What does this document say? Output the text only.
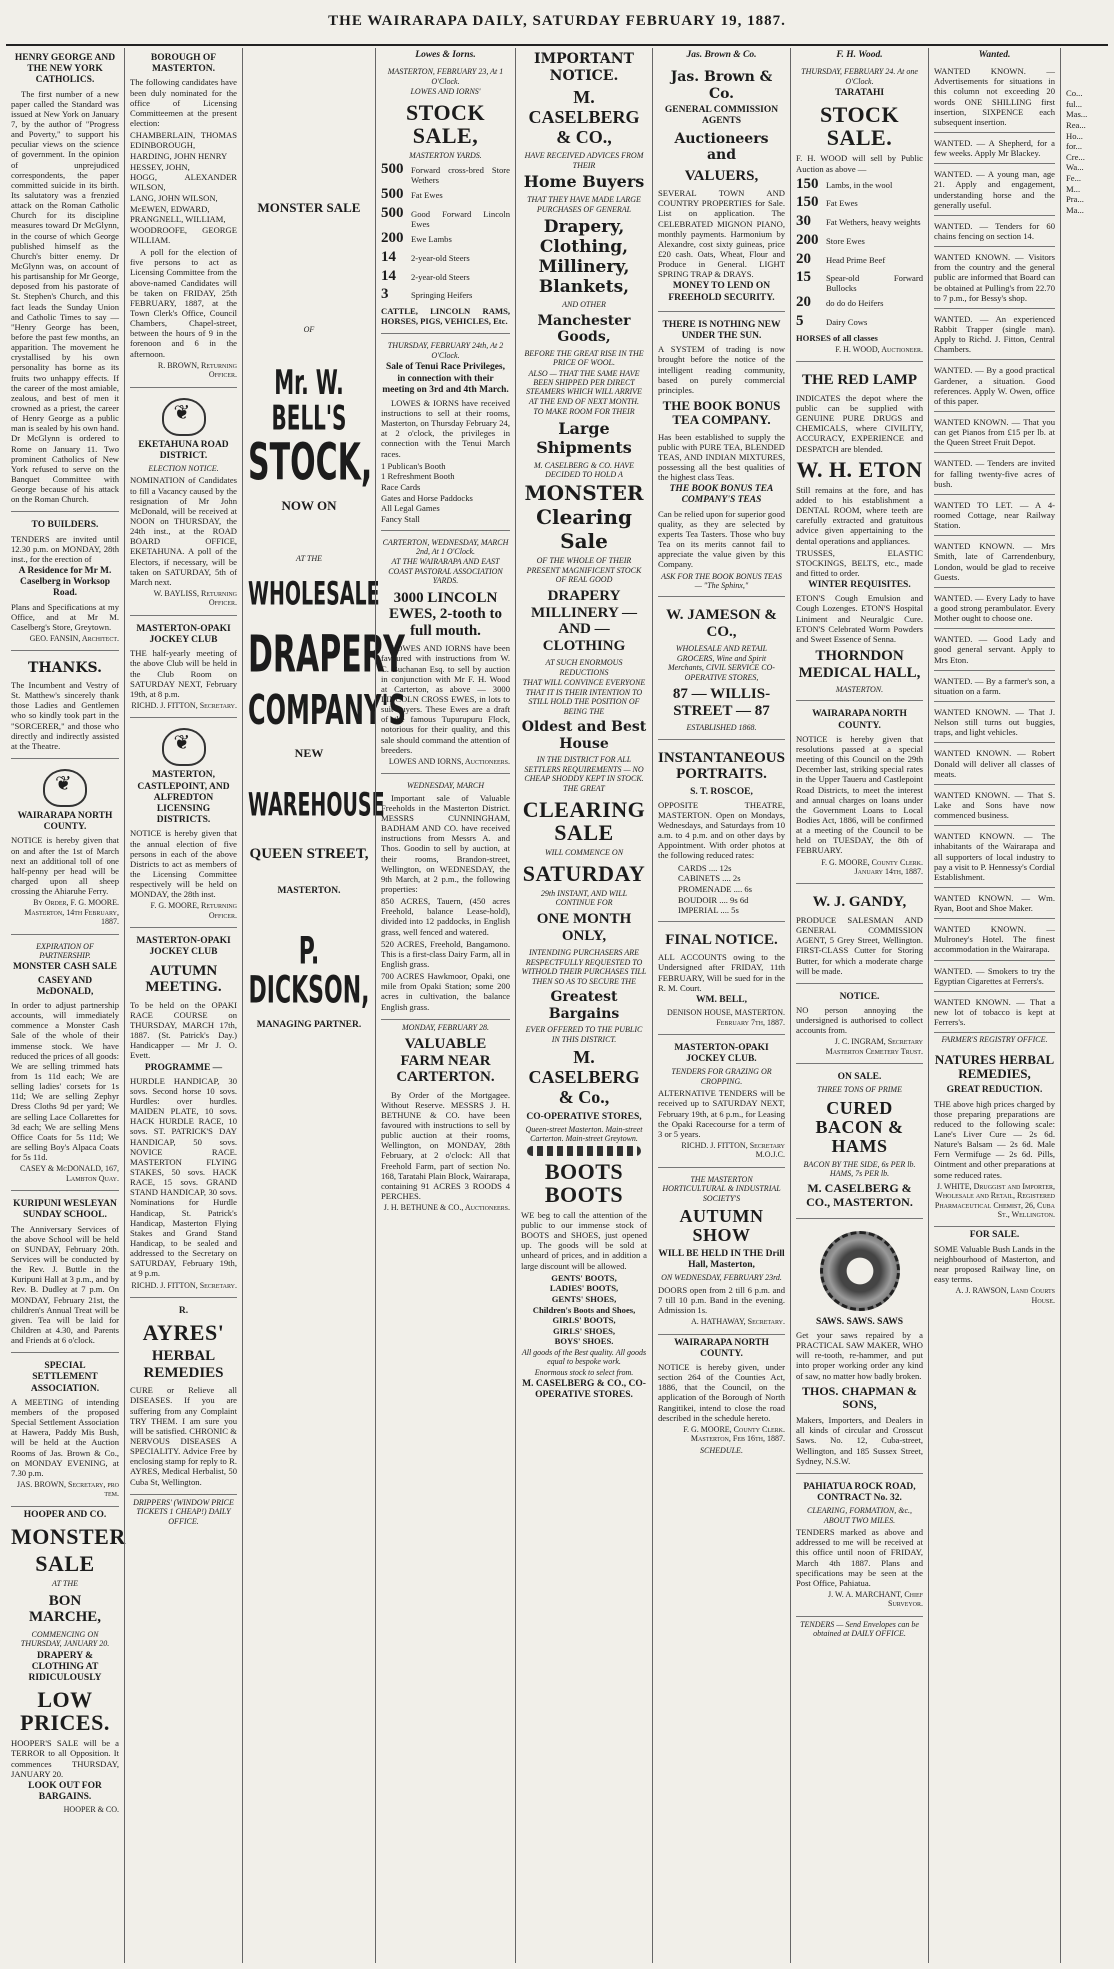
THE WAIRARAPA DAILY, SATURDAY FEBRUARY 19, 1887.
HENRY GEORGE AND THE NEW YORK CATHOLICS.
The first number of a new paper called the Standard was issued at New York on January 7, by the author of "Progress and Poverty," to support his peculiar views on the science of government. In the opinion of unprejudiced correspondents, the paper committed suicide in its birth. Its salutatory was a frenzied attack on the Roman Catholic Church for its discipline measures toward Dr McGlynn, in the course of which George published himself as the Church's bitter enemy. Dr McGlynn was, on account of his partisanship for Mr George, deposed from his pastorate of St. Stephen's Church, and this fact leads the Sunday Union and Catholic Times to say — "Henry George has been, before the past few months, an apparition. The movement he crystallised by his own personality has borne as its fruits two unhappy effects. If the career of the most amiable, zealous, and best of men it crowned as a priest, the career of Henry George as a public man is sealed by his own hand. Dr McGlynn is ordered to Rome on January 11. Two prominent Catholics of New York refused to serve on the Banquet Committee with George because of his attack on the Roman Church.
TO BUILDERS.
TENDERS are invited until 12.30 p.m. on MONDAY, 28th inst., for the erection of
A Residence for Mr M. Caselberg in Worksop Road.
Plans and Specifications at my Office, and at Mr M. Caselberg's Store, Greytown.
GEO. FANSIN, Architect.
THANKS.
The Incumbent and Vestry of St. Matthew's sincerely thank those Ladies and Gentlemen who so kindly took part in the "SORCERER," and those who directly and indirectly assisted at the Theatre.
❦
WAIRARAPA NORTH COUNTY.
NOTICE is hereby given that on and after the 1st of March next an additional toll of one half-penny per head will be charged upon all sheep crossing the Ahiaruhe Ferry.
By Order, F. G. MOORE. Masterton, 14th February, 1887.
EXPIRATION OF PARTNERSHIP.
MONSTER CASH SALE
CASEY AND McDONALD,
In order to adjust partnership accounts, will immediately commence a Monster Cash Sale of the whole of their immense stock. We have reduced the prices of all goods: We are selling trimmed hats from 1s 11d each; We are selling ladies' corsets for 1s 11d; We are selling Zephyr Dress Cloths 9d per yard; We are selling Lace Collarettes for 3d each; We are selling Mens Office Coats for 5s 11d; We are selling Boy's Alpaca Coats for 5s 11d.
CASEY & McDONALD, 167, Lambton Quay.
KURIPUNI WESLEYAN SUNDAY SCHOOL.
The Anniversary Services of the above School will be held on SUNDAY, February 20th. Services will be conducted by the Rev. J. Buttle in the Kuripuni Hall at 3 p.m., and by Rev. B. Dudley at 7 p.m. On MONDAY, February 21st, the children's Annual Treat will be given. Tea will be laid for Children at 4.30, and Parents and Friends at 6 o'clock.
SPECIAL SETTLEMENT ASSOCIATION.
A MEETING of intending members of the proposed Special Settlement Association at Hawera, Paddy Mis Bush, will be held at the Auction Rooms of Jas. Brown & Co., on MONDAY EVENING, at 7.30 p.m.
JAS. BROWN, Secretary, pro tem.
HOOPER AND CO.
MONSTER
SALE
AT THE
BON MARCHE,
COMMENCING ON THURSDAY, JANUARY 20.
DRAPERY & CLOTHING AT RIDICULOUSLY
LOW PRICES.
HOOPER'S SALE will be a TERROR to all Opposition. It commences THURSDAY, JANUARY 20.
LOOK OUT FOR BARGAINS.
HOOPER & CO.
BOROUGH OF MASTERTON.
The following candidates have been duly nominated for the office of Licensing Committeemen at the present election:
CHAMBERLAIN, THOMAS EDINBOROUGH,
HARDING, JOHN HENRY
HESSEY, JOHN,
HOGG, ALEXANDER WILSON,
LANG, JOHN WILSON,
McEWEN, EDWARD,
PRANGNELL, WILLIAM,
WOODROOFE, GEORGE WILLIAM.
A poll for the election of five persons to act as Licensing Committee from the above-named Candidates will be taken on FRIDAY, 25th FEBRUARY, 1887, at the Town Clerk's Office, Council Chambers, Chapel-street, between the hours of 9 in the forenoon and 6 in the afternoon.
R. BROWN, Returning Officer.
❦
EKETAHUNA ROAD DISTRICT.
ELECTION NOTICE.
NOMINATION of Candidates to fill a Vacancy caused by the resignation of Mr John McDonald, will be received at NOON on THURSDAY, the 24th inst., at the ROAD BOARD OFFICE, EKETAHUNA. A poll of the Electors, if necessary, will be taken on SATURDAY, 5th of March next.
W. BAYLISS, Returning Officer.
MASTERTON-OPAKI JOCKEY CLUB
THE half-yearly meeting of the above Club will be held in the Club Room on SATURDAY NEXT, February 19th, at 8 p.m.
RICHD. J. FITTON, Secretary.
❦
MASTERTON, CASTLEPOINT, AND ALFREDTON LICENSING DISTRICTS.
NOTICE is hereby given that the annual election of five persons in each of the above Districts to act as members of the Licensing Committee respectively will be held on MONDAY, the 28th inst.
F. G. MOORE, Returning Officer.
MASTERTON-OPAKI JOCKEY CLUB
AUTUMN MEETING.
To be held on the OPAKI RACE COURSE on THURSDAY, MARCH 17th, 1887. (St. Patrick's Day.) Handicapper — Mr J. O. Evett.
PROGRAMME —
HURDLE HANDICAP, 30 sovs. Second horse 10 sovs. Hurdles: over hurdles. MAIDEN PLATE, 10 sovs. HACK HURDLE RACE, 10 sovs. ST. PATRICK'S DAY HANDICAP, 50 sovs. NOVICE RACE. MASTERTON FLYING STAKES, 50 sovs. HACK RACE, 15 sovs. GRAND STAND HANDICAP, 30 sovs. Nominations for Hurdle Handicap, St. Patrick's Handicap, Masterton Flying Stakes and Grand Stand Handicap, to be sealed and addressed to the Secretary on SATURDAY, February 19th, at 9 p.m.
RICHD. J. FITTON, Secretary.
R.
AYRES'
HERBAL REMEDIES
CURE or Relieve all DISEASES. If you are suffering from any Complaint TRY THEM. I am sure you will be satisfied. CHRONIC & NERVOUS DISEASES A SPECIALITY. Advice Free by enclosing stamp for reply to R. AYRES, Medical Herbalist, 50 Cuba St, Wellington.
DRIPPERS' (WINDOW PRICE TICKETS 1 CHEAP!) DAILY OFFICE.
MONSTER SALE
OF
Mr. W. BELL'S
STOCK,
NOW ON
AT THE
WHOLESALE
DRAPERY
COMPANY'S
NEW
WAREHOUSE
QUEEN STREET,
MASTERTON.
P. DICKSON,
MANAGING PARTNER.
Lowes & Iorns.
MASTERTON, FEBRUARY 23, At 1 O'Clock.
LOWES AND IORNS'
STOCK SALE,
MASTERTON YARDS.
500 Forward cross-bred Store Wethers
500 Fat Ewes
500 Good Forward Lincoln Ewes
200 Ewe Lambs
14	2-year-old Steers
14	2-year-old Steers
3	Springing Heifers
CATTLE, LINCOLN RAMS, HORSES, PIGS, VEHICLES, Etc.
THURSDAY, FEBRUARY 24th, At 2 O'Clock.
Sale of Tenui Race Privileges, in connection with their meeting on 3rd and 4th March.
LOWES & IORNS have received instructions to sell at their rooms, Masterton, on Thursday February 24, at 2 o'clock, the privileges in connection with the Tenui March races.
1 Publican's Booth
1 Refreshment Booth
Race Cards
Gates and Horse Paddocks
All Legal Games
Fancy Stall
CARTERTON, WEDNESDAY, MARCH 2nd, At 1 O'Clock.
AT THE WAIRARAPA AND EAST COAST PASTORAL ASSOCIATION YARDS.
3000 LINCOLN EWES, 2-tooth to full mouth.
LOWES AND IORNS have been favoured with instructions from W. C. Buchanan Esq. to sell by auction in conjunction with Mr F. H. Wood at Carterton, as above — 3000 LINCOLN CROSS EWES, in lots to suit buyers. These Ewes are a draft of the famous Tupurupuru Flock, notorious for their quality, and this sale should command the attention of breeders.
LOWES AND IORNS, Auctioneers.
WEDNESDAY, MARCH
Important sale of Valuable Freeholds in the Masterton District. MESSRS CUNNINGHAM, BADHAM AND CO. have received instructions from Messrs A. and Thos. Goodin to sell by auction, at their rooms, Brandon-street, Wellington, on WEDNESDAY, the 9th March, at 2 p.m., the following properties:
850 ACRES, Tauern, (450 acres Freehold, balance Lease-hold), divided into 12 paddocks, in English grass, well fenced and watered.
520 ACRES, Freehold, Bangamono. This is a first-class Dairy Farm, all in English grass.
700 ACRES Hawkmoor, Opaki, one mile from Opaki Station; some 200 acres in cultivation, the balance English grass.
MONDAY, FEBRUARY 28.
VALUABLE FARM NEAR CARTERTON.
By Order of the Mortgagee. Without Reserve. MESSRS J. H. BETHUNE & CO. have been favoured with instructions to sell by public auction at their rooms, Wellington, on MONDAY, 28th February, at 2 o'clock: All that Freehold Farm, part of section No. 168, Taratahi Plain Block, Wairarapa, containing 91 ACRES 3 ROODS 4 PERCHES.
J. H. BETHUNE & CO., Auctioneers.
IMPORTANT NOTICE.
M. CASELBERG & CO.,
HAVE RECEIVED ADVICES FROM THEIR
Home Buyers
THAT THEY HAVE MADE LARGE PURCHASES OF GENERAL
Drapery, Clothing, Millinery, Blankets,
AND OTHER
Manchester Goods,
BEFORE THE GREAT RISE IN THE PRICE OF WOOL.
ALSO — THAT THE SAME HAVE BEEN SHIPPED PER DIRECT STEAMERS WHICH WILL ARRIVE AT THE END OF NEXT MONTH.
TO MAKE ROOM FOR THEIR
Large Shipments
M. CASELBERG & CO. HAVE DECIDED TO HOLD A
MONSTER Clearing Sale
OF THE WHOLE OF THEIR PRESENT MAGNIFICENT STOCK OF REAL GOOD
DRAPERY MILLINERY — AND — CLOTHING
AT SUCH ENORMOUS REDUCTIONS
THAT WILL CONVINCE EVERYONE THAT IT IS THEIR INTENTION TO STILL HOLD THE POSITION OF BEING THE
Oldest and Best House
IN THE DISTRICT FOR ALL SETTLERS REQUIREMENTS — NO CHEAP SHODDY KEPT IN STOCK.
THE GREAT
CLEARING SALE
WILL COMMENCE ON
SATURDAY
29th INSTANT, AND WILL CONTINUE FOR
ONE MONTH ONLY,
INTENDING PURCHASERS ARE RESPECTFULLY REQUESTED TO WITHOLD THEIR PURCHASES TILL THEN SO AS TO SECURE THE
Greatest Bargains
EVER OFFERED TO THE PUBLIC IN THIS DISTRICT.
M. CASELBERG & Co.,
CO-OPERATIVE STORES,
Queen-street Masterton. Main-street Carterton. Main-street Greytown.
BOOTS BOOTS
WE beg to call the attention of the public to our immense stock of BOOTS and SHOES, just opened up. The goods will be sold at unheard of prices, and in addition a large discount will be allowed.
GENTS' BOOTS,
LADIES' BOOTS,
GENTS' SHOES,
Children's Boots and Shoes,
GIRLS' BOOTS,
GIRLS' SHOES,
BOYS' SHOES.
All goods of the Best quality. All goods equal to bespoke work.
Enormous stock to select from.
M. CASELBERG & CO., CO-OPERATIVE STORES.
Jas. Brown & Co.
Jas. Brown & Co.
GENERAL COMMISSION AGENTS
Auctioneers and
VALUERS,
SEVERAL TOWN AND COUNTRY PROPERTIES for Sale. List on application. The CELEBRATED MIGNON PIANO, monthly payments. Harmonium by Alexandre, cost sixty guineas, price £20 cash. Oats, Wheat, Flour and Produce in General. LIGHT SPRING TRAP & DRAYS.
MONEY TO LEND ON FREEHOLD SECURITY.
THERE IS NOTHING NEW UNDER THE SUN.
A SYSTEM of trading is now brought before the notice of the intelligent reading community, based on purely commercial principles.
THE BOOK BONUS TEA COMPANY.
Has been established to supply the public with PURE TEA, BLENDED TEAS, AND INDIAN MIXTURES, possessing all the best qualities of the highest class Teas.
THE BOOK BONUS TEA COMPANY'S TEAS
Can be relied upon for superior good quality, as they are selected by experts Tea Tasters. Those who buy Tea on its merits cannot fail to appreciate the value given by this Company.
ASK FOR THE BOOK BONUS TEAS — "The Sphinx,"
W. JAMESON & CO.,
WHOLESALE AND RETAIL GROCERS, Wine and Spirit Merchants, CIVIL SERVICE CO-OPERATIVE STORES,
87 — WILLIS-STREET — 87
ESTABLISHED 1868.
INSTANTANEOUS PORTRAITS.
S. T. ROSCOE,
OPPOSITE THEATRE, MASTERTON. Open on Mondays, Wednesdays, and Saturdays from 10 a.m. to 4 p.m. and on other days by Appointment. With order photos at the following reduced rates:
CARDS .... 12s
CABINETS .... 2s
PROMENADE .... 6s
BOUDOIR .... 9s 6d
IMPERIAL .... 5s
FINAL NOTICE.
ALL ACCOUNTS owing to the Undersigned after FRIDAY, 11th FEBRUARY, Will be sued for in the R. M. Court.
WM. BELL,
DENISON HOUSE, MASTERTON. February 7th, 1887.
MASTERTON-OPAKI JOCKEY CLUB.
TENDERS FOR GRAZING OR CROPPING.
ALTERNATIVE TENDERS will be received up to SATURDAY NEXT, February 19th, at 6 p.m., for Leasing the Opaki Racecourse for a term of 3 or 5 years.
RICHD. J. FITTON, Secretary M.O.J.C.
THE MASTERTON HORTICULTURAL & INDUSTRIAL SOCIETY'S
AUTUMN SHOW
WILL BE HELD IN THE Drill Hall, Masterton,
ON WEDNESDAY, FEBRUARY 23rd.
DOORS open from 2 till 6 p.m. and 7 till 10 p.m. Band in the evening. Admission 1s.
A. HATHAWAY, Secretary.
WAIRARAPA NORTH COUNTY.
NOTICE is hereby given, under section 264 of the Counties Act, 1886, that the Council, on the application of the Borough of North Rangitikei, intend to close the road described in the schedule hereto.
F. G. MOORE, County Clerk. Masterton, Feb 16th, 1887.
SCHEDULE.
F. H. Wood.
THURSDAY, FEBRUARY 24. At one O'Clock.
TARATAHI
STOCK SALE.
F. H. WOOD will sell by Public Auction as above —
150 Lambs, in the wool
150 Fat Ewes
30	Fat Wethers, heavy weights
200 Store Ewes
20	Head Prime Beef
15	Spear-old Forward Bullocks
20	do do do Heifers
5	Dairy Cows
HORSES of all classes
F. H. WOOD, Auctioneer.
THE RED LAMP
INDICATES the depot where the public can be supplied with GENUINE PURE DRUGS and CHEMICALS, where CIVILITY, ACCURACY, EXPERIENCE and DESPATCH are blended.
W. H. ETON
Still remains at the fore, and has added to his establishment a DENTAL ROOM, where teeth are carefully extracted and gratuitous advice given appertaining to the dental operations and appliances.
TRUSSES, ELASTIC STOCKINGS, BELTS, etc., made and fitted to order.
WINTER REQUISITES.
ETON'S Cough Emulsion and Cough Lozenges. ETON'S Hospital Liniment and Neuralgic Cure. ETON'S Celebrated Worm Powders and Sweet Essence of Senna.
THORNDON MEDICAL HALL,
MASTERTON.
WAIRARAPA NORTH COUNTY.
NOTICE is hereby given that resolutions passed at a special meeting of this Council on the 29th December last, striking special rates in the Upper Taueru and Castlepoint Road Districts, to meet the interest and annual charges on loans under the Government Loans to Local Bodies Act, 1886, will be confirmed at a meeting of the Council to be held on TUESDAY, the 8th of FEBRUARY.
F. G. MOORE, County Clerk. January 14th, 1887.
W. J. GANDY,
PRODUCE SALESMAN AND GENERAL COMMISSION AGENT, 5 Grey Street, Wellington. FIRST-CLASS Cutter for Storing Butter, for which a moderate charge will be made.
NOTICE.
NO person annoying the undersigned is authorised to collect accounts from.
J. C. INGRAM, Secretary Masterton Cemetery Trust.
ON SALE.
THREE TONS OF PRIME
CURED BACON & HAMS
BACON BY THE SIDE, 6s PER lb. HAMS, 7s PER lb.
M. CASELBERG & CO., MASTERTON.
SAWS. SAWS. SAWS
Get your saws repaired by a PRACTICAL SAW MAKER, WHO will re-tooth, re-hammer, and put into proper working order any kind of saw, no matter how badly broken.
THOS. CHAPMAN & SONS,
Makers, Importers, and Dealers in all kinds of circular and Crosscut Saws. No. 12, Cuba-street, Wellington, and 185 Sussex Street, Sydney, N.S.W.
PAHIATUA ROCK ROAD, CONTRACT No. 32.
CLEARING, FORMATION, &c., ABOUT TWO MILES.
TENDERS marked as above and addressed to me will be received at this office until noon of FRIDAY, March 4th 1887. Plans and specifications may be seen at the Post Office, Pahiatua.
J. W. A. MARCHANT, Chief Surveyor.
TENDERS — Send Envelopes can be obtained at DAILY OFFICE.
Wanted.
WANTED KNOWN. — Advertisements for situations in this column not exceeding 20 words ONE SHILLING first insertion, SIXPENCE each subsequent insertion.
WANTED. — A Shepherd, for a few weeks. Apply Mr Blackey.
WANTED. — A young man, age 21. Apply and engagement, understanding horse and the generally useful.
WANTED. — Tenders for 60 chains fencing on section 14.
WANTED KNOWN. — Visitors from the country and the general public are informed that Board can be obtained at Pulling's from 22.70 to 7 p.m., for Bessy's shop.
WANTED. — An experienced Rabbit Trapper (single man). Apply to Richd. J. Fitton, Central Chambers.
WANTED. — By a good practical Gardener, a situation. Good references. Apply W. Owen, office of this paper.
WANTED KNOWN. — That you can get Pianos from £15 per lb. at the Queen Street Fruit Depot.
WANTED. — Tenders are invited for falling twenty-five acres of bush.
WANTED TO LET. — A 4-roomed Cottage, near Railway Station.
WANTED KNOWN. — Mrs Smith, late of Carrendenbury, London, would be glad to receive Guests.
WANTED. — Every Lady to have a good strong perambulator. Every Mother ought to choose one.
WANTED. — Good Lady and good general servant. Apply to Mrs Eton.
WANTED. — By a farmer's son, a situation on a farm.
WANTED KNOWN. — That J. Nelson still turns out buggies, traps, and light vehicles.
WANTED KNOWN. — Robert Donald will deliver all classes of meats.
WANTED KNOWN. — That S. Lake and Sons have now commenced business.
WANTED KNOWN. — The inhabitants of the Wairarapa and all supporters of local industry to pay a visit to P. Hennessy's Cordial Establishment.
WANTED KNOWN. — Wm. Ryan, Boot and Shoe Maker.
WANTED KNOWN. — Mulroney's Hotel. The finest accommodation in the Wairarapa.
WANTED. — Smokers to try the Egyptian Cigarettes at Ferrers's.
WANTED KNOWN. — That a new lot of tobacco is kept at Ferrers's.
FARMER'S REGISTRY OFFICE.
NATURES HERBAL REMEDIES,
GREAT REDUCTION.
THE above high prices charged by those preparing preparations are reduced to the following scale: Lane's Liver Cure — 2s 6d. Nature's Balsam — 2s 6d. Male Fern Vermifuge — 2s 6d. Pills, Ointment and other preparations at some reduced rates.
J. WHITE, Druggist and Importer, Wholesale and Retail, Registered Pharmaceutical Chemist, 26, Cuba St., Wellington.
FOR SALE.
SOME Valuable Bush Lands in the neighbourhood of Masterton, and near proposed Railway line, on easy terms.
A. J. RAWSON, Land Courts House.
Co...
ful...
Mas...
Rea...
Ho...
for...
Cre...
Wa...
Fe...
M...
Pra...
Ma...
